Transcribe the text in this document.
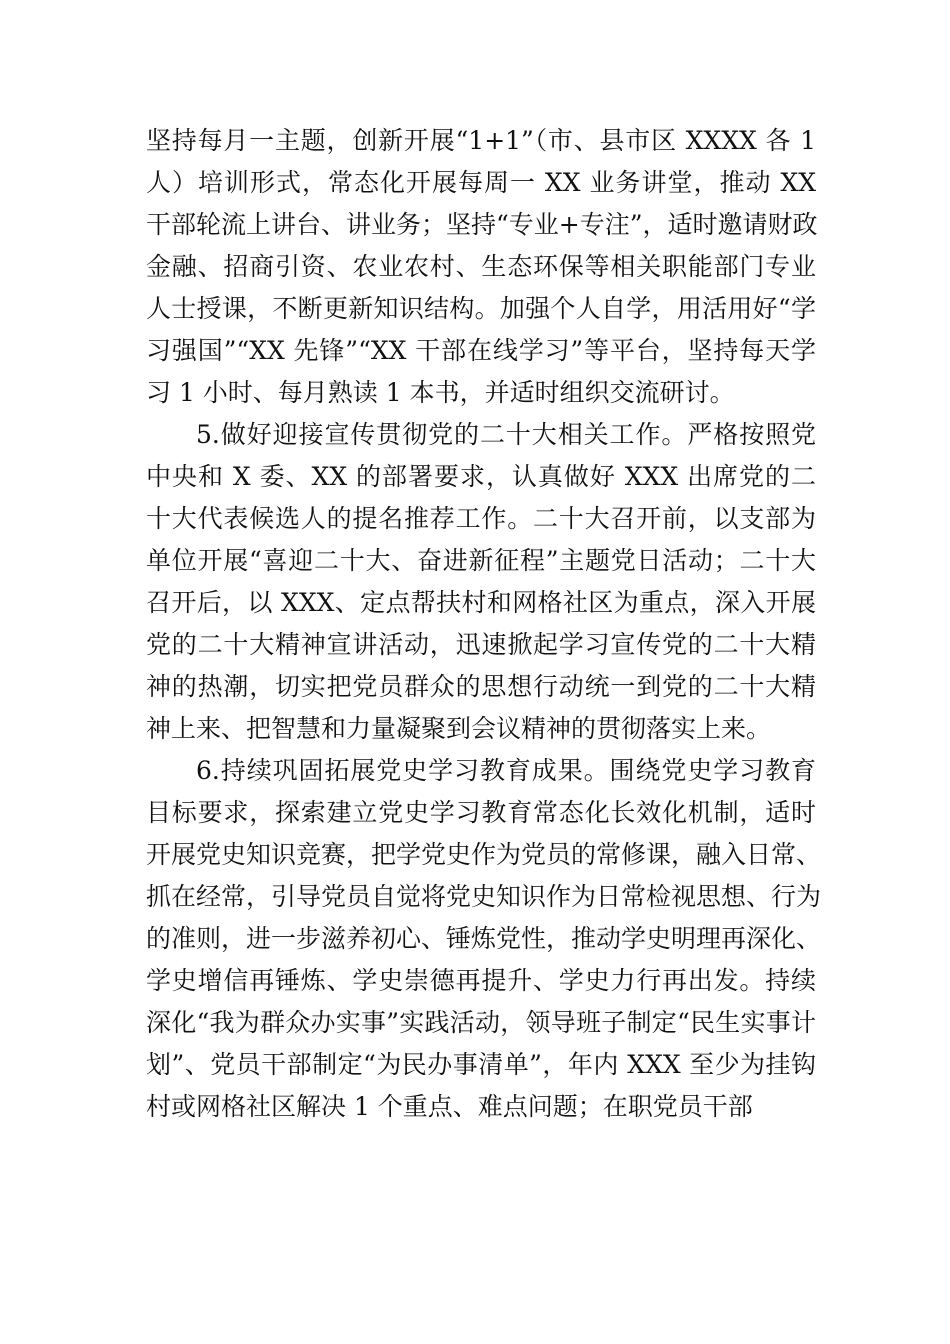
坚持每月一主题，创新开展“1+1”（市、县市区 XXXX 各 1
人）培训形式，常态化开展每周一 XX 业务讲堂，推动 XX
干部轮流上讲台、讲业务；坚持“专业+专注”，适时邀请财政
金融、招商引资、农业农村、生态环保等相关职能部门专业
人士授课，不断更新知识结构。加强个人自学，用活用好“学
习强国”“XX 先锋”“XX 干部在线学习”等平台，坚持每天学
习 1 小时、每月熟读 1 本书，并适时组织交流研讨。
5.做好迎接宣传贯彻党的二十大相关工作。严格按照党
中央和 X 委、XX 的部署要求，认真做好 XXX 出席党的二
十大代表候选人的提名推荐工作。二十大召开前，以支部为
单位开展“喜迎二十大、奋进新征程”主题党日活动；二十大
召开后，以 XXX、定点帮扶村和网格社区为重点，深入开展
党的二十大精神宣讲活动，迅速掀起学习宣传党的二十大精
神的热潮，切实把党员群众的思想行动统一到党的二十大精
神上来、把智慧和力量凝聚到会议精神的贯彻落实上来。
6.持续巩固拓展党史学习教育成果。围绕党史学习教育
目标要求，探索建立党史学习教育常态化长效化机制，适时
开展党史知识竞赛，把学党史作为党员的常修课，融入日常、
抓在经常，引导党员自觉将党史知识作为日常检视思想、行为
的准则，进一步滋养初心、锤炼党性，推动学史明理再深化、
学史增信再锤炼、学史崇德再提升、学史力行再出发。持续
深化“我为群众办实事”实践活动，领导班子制定“民生实事计
划”、党员干部制定“为民办事清单”，年内 XXX 至少为挂钩
村或网格社区解决 1 个重点、难点问题；在职党员干部
